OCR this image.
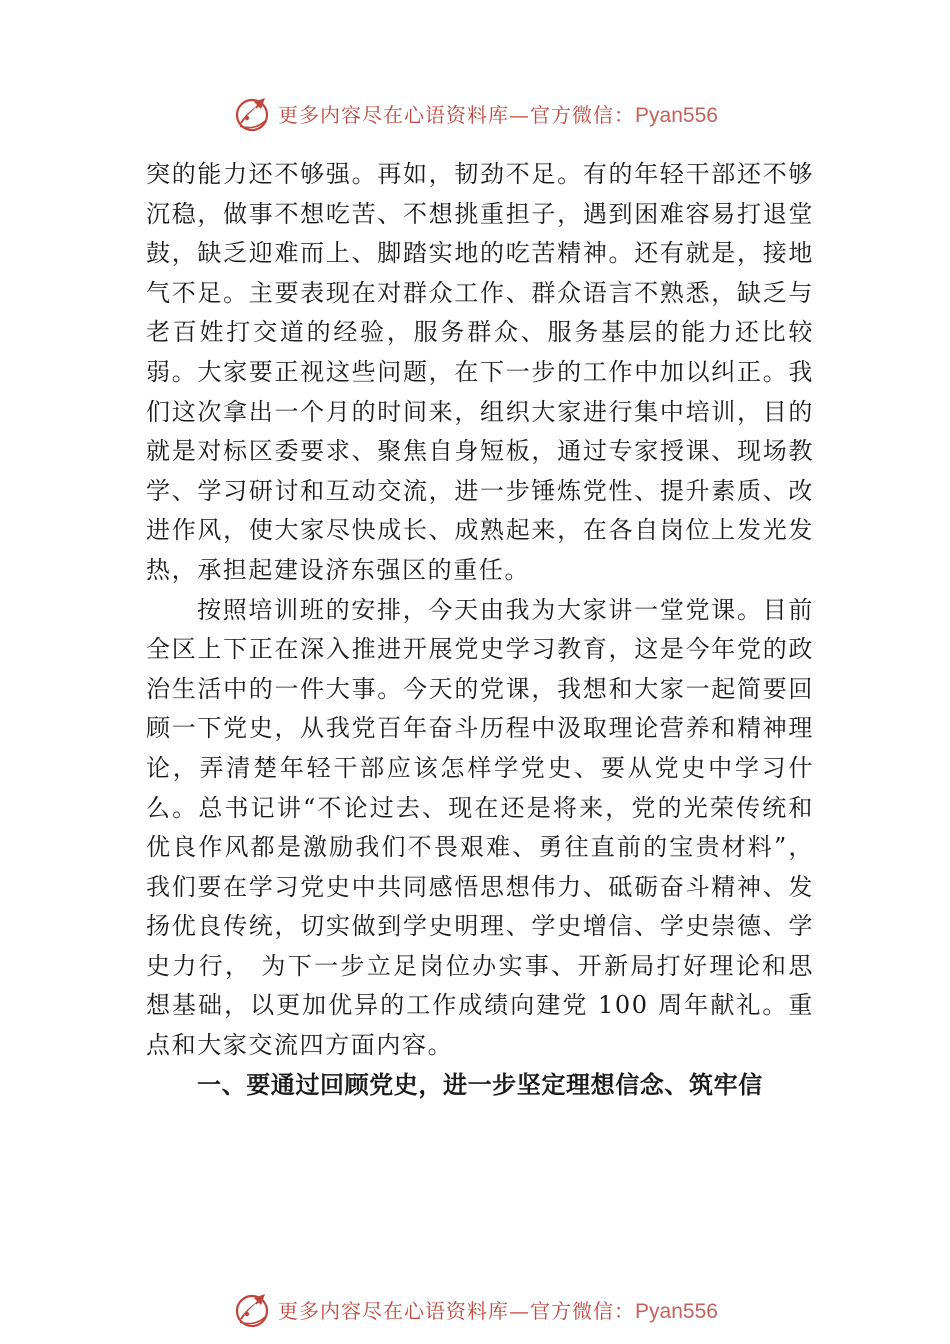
更多内容尽在心语资料库—官方微信：Pyan556

突的能力还不够强。再如，韧劲不足。有的年轻干部还不够沉稳，做事不想吃苦、不想挑重担子，遇到困难容易打退堂鼓，缺乏迎难而上、脚踏实地的吃苦精神。还有就是，接地气不足。主要表现在对群众工作、群众语言不熟悉，缺乏与老百姓打交道的经验，服务群众、服务基层的能力还比较弱。大家要正视这些问题，在下一步的工作中加以纠正。我们这次拿出一个月的时间来，组织大家进行集中培训，目的就是对标区委要求、聚焦自身短板，通过专家授课、现场教学、学习研讨和互动交流，进一步锤炼党性、提升素质、改进作风，使大家尽快成长、成熟起来，在各自岗位上发光发热，承担起建设济东强区的重任。

按照培训班的安排，今天由我为大家讲一堂党课。目前全区上下正在深入推进开展党史学习教育，这是今年党的政治生活中的一件大事。今天的党课，我想和大家一起简要回顾一下党史，从我党百年奋斗历程中汲取理论营养和精神理论，弄清楚年轻干部应该怎样学党史、要从党史中学习什么。总书记讲“不论过去、现在还是将来，党的光荣传统和优良作风都是激励我们不畏艰难、勇往直前的宝贵材料”，我们要在学习党史中共同感悟思想伟力、砥砺奋斗精神、发扬优良传统，切实做到学史明理、学史增信、学史崇德、学史力行， 为下一步立足岗位办实事、开新局打好理论和思想基础，以更加优异的工作成绩向建党 100 周年献礼。重点和大家交流四方面内容。

一、要通过回顾党史，进一步坚定理想信念、筑牢信

更多内容尽在心语资料库—官方微信：Pyan556
